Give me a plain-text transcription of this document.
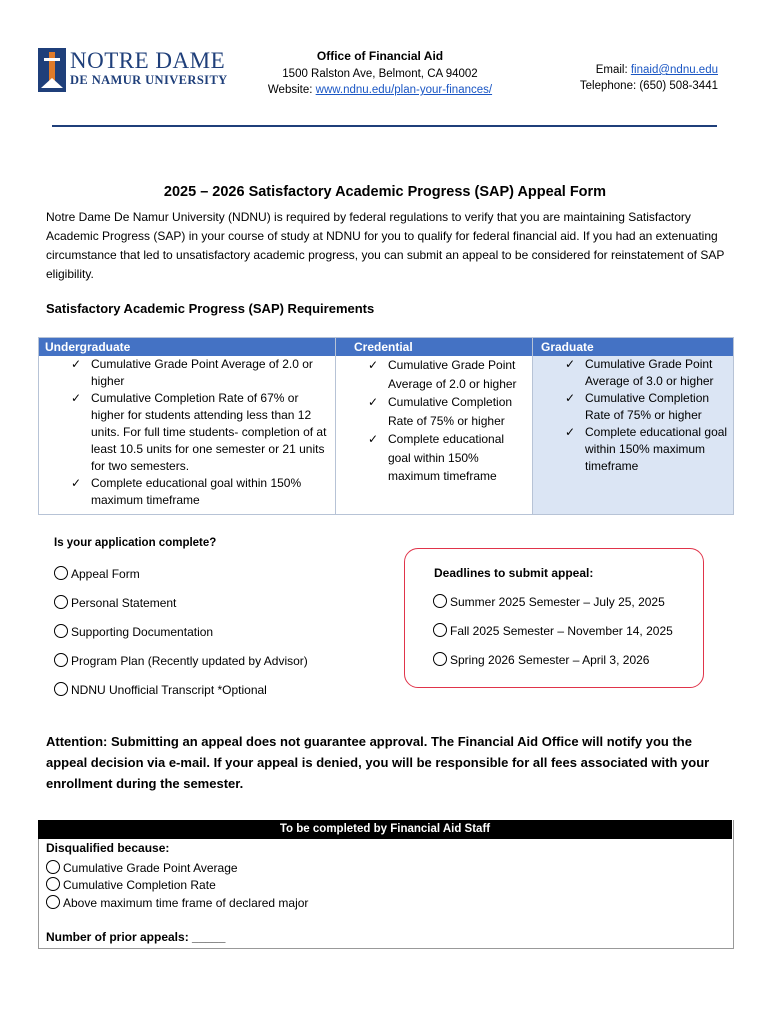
NOTRE DAME
DE NAMUR UNIVERSITY
Office of Financial Aid
1500 Ralston Ave, Belmont, CA 94002
Website: www.ndnu.edu/plan-your-finances/
Email: finaid@ndnu.edu
Telephone: (650) 508-3441
2025 – 2026 Satisfactory Academic Progress (SAP) Appeal Form
Notre Dame De Namur University (NDNU) is required by federal regulations to verify that you are maintaining Satisfactory Academic Progress (SAP) in your course of study at NDNU for you to qualify for federal financial aid. If you had an extenuating circumstance that led to unsatisfactory academic progress, you can submit an appeal to be considered for reinstatement of SAP eligibility.
Satisfactory Academic Progress (SAP) Requirements
Undergraduate
✓ Cumulative Grade Point Average of 2.0 or higher
✓ Cumulative Completion Rate of 67% or higher for students attending less than 12 units. For full time students- completion of at least 10.5 units for one semester or 21 units for two semesters.
✓ Complete educational goal within 150% maximum timeframe
Credential
✓ Cumulative Grade Point Average of 2.0 or higher
✓ Cumulative Completion Rate of 75% or higher
✓ Complete educational goal within 150% maximum timeframe
Graduate
✓ Cumulative Grade Point Average of 3.0 or higher
✓ Cumulative Completion Rate of 75% or higher
✓ Complete educational goal within 150% maximum timeframe
Is your application complete?
Appeal Form
Personal Statement
Supporting Documentation
Program Plan (Recently updated by Advisor)
NDNU Unofficial Transcript *Optional
Deadlines to submit appeal:
Summer 2025 Semester – July 25, 2025
Fall 2025 Semester – November 14, 2025
Spring 2026 Semester – April 3, 2026
Attention: Submitting an appeal does not guarantee approval. The Financial Aid Office will notify you the appeal decision via e-mail. If your appeal is denied, you will be responsible for all fees associated with your enrollment during the semester.
To be completed by Financial Aid Staff
Disqualified because:
Cumulative Grade Point Average
Cumulative Completion Rate
Above maximum time frame of declared major
Number of prior appeals: _____
